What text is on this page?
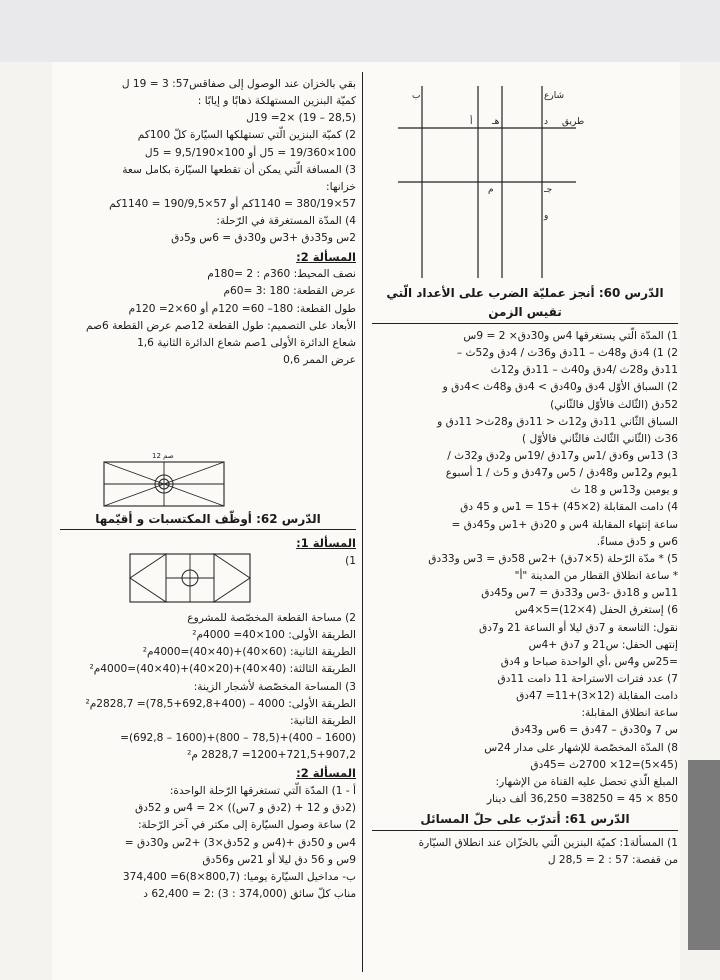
طريق
شارع
ب
أ هـ	د
جـ
م
و

الدّرس 60: أنجز عمليّة الضرب على الأعداد الّتي تقيس الزمن

1) المدّة الّتي يستغرقها 4س و30دق× 2 = 9س

2) 1) 4دق و48ث – 11دق و36ث / 4دق و52ث –

11دق و28ث /4دق و40ث – 11دق و12ث

2) السباق الأوّل 4دق و40دق > 4دق و48ث >4دق و

52دق (الثّالث فالأوّل فالثّاني)

السباق الثّاني 11دق و12ث < 11دق و28ث< 11دق و

36ث (الثّاني الثّالث فالثّاني فالأوّل )

3) 13س و6دق /1س و17دق /19س و2دق و32ث /

1يوم و12س و48دق / 5س و47دق و 5ث / 1 أسبوع

و يومين و13س و 18 ث

4) دامت المقابلة (2×45) +15 = 1س و 45 دق

ساعة إنتهاء المقابلة 4س و 20دق +1س و45دق =

6س و 5دق مساءً.

5) * مدّة الرّحلة (5×7دق) +2س 58دق = 3س و33دق

* ساعة انطلاق القطار من المدينة "أ"

11س و 18دق -3س و33دق = 7س و45دق

6) إستغرق الحفل (4×12)=5×4س

نقول: التاسعة و 7دق ليلا أو الساعة 21 و7دق

إنتهى الحفل: س21 و 7دق +4س

=25س و4س ،أي الواحدة صباحا و 4دق

7) عدد فترات الاستراحة 11 دامت 11دق

دامت المقابلة (12×3)+11= 47دق

ساعة انطلاق المقابلة:

س 7 و30دق – 47دق = 6س و43دق

8) المدّة المخصّصة للإشهار على مدار 24س

(45×5)=12× 2700ث =45دق

المبلغ الّذي تحصل عليه القناة من الإشهار:

850 × 45 = 38250= 36,250 ألف دينار

الدّرس 61: أتدرّب على حلّ المسائل

1) المسألة1: كميّة البنزين الّتي بالخزّان عند انطلاق السيّارة

من قفصة: 57 : 2 = 28,5 ل

بقي بالخزان عند الوصول إلى صفاقس57: 3 = 19 ل

كميّة البنزين المستهلكة ذهابًا و إيابًا :

(28,5 – 19) ×2= 19ل

2) كميّة البنزين الّتي تستهلكها السيّارة كلّ 100كم

100×19/360 = 5ل أو 100×9,5/190 = 5ل

3) المسافة الّتي يمكن أن تقطعها السيّارة بكامل سعة

خزانها:

57×380/19 = 1140كم أو 57×190/9,5 = 1140كم

4) المدّة المستغرقة في الرّحلة:

2س و35دق +3س و30دق = 6س و5دق

المسألة 2:

نصف المحيط: 360م : 2 =180م

عرض القطعة: 180 :3 =60م

طول القطعة: 180– 60= 120م أو 60×2= 120م

الأبعاد على التصميم: طول القطعة 12صم عرض القطعة 6صم

شعاع الدائرة الأولى 1صم شعاع الدائرة الثانية 1,6

عرض الممر 0,6

12 صم

الدّرس 62: أوظّف المكتسبات و أقيّمها

المسألة 1:

1)

2) مساحة القطعة المخصّصة للمشروع

الطريقة الأولى: 100×40= 4000م²

الطريقة الثانية: (60×40)+(40×40)=4000م²

الطريقة الثالثة: (40×40)+(20×40)+(40×40)=4000م²

3) المساحة المخصّصة لأشجار الزينة:

الطريقة الأولى: 4000 – (400+692,8+78,5)= 2828,7م²

الطريقة الثانية:

(1600 – 400)+(78,5 – 800)+(1600 – 692,8)=

1200+721,5+907,2= 2828,7 م²

المسألة 2:

أ - 1) المدّة الّتي تستغرقها الرّحلة الواحدة:

(2دق و 12 + (2دق و 7س)) ×2 = 4س و 52دق

2) ساعة وصول السيّارة إلى مكتر في آخر الرّحلة:

4س و 50دق +(4س و 52دق×3) +2س و30دق =

9س و 56 دق ليلا أو 21س و56دق

ب- مداخيل السيّارة يوميا: (800,7×8)6= 374,400

مناب كلّ سائق (374,000 : 3) :2 = 62,400 د
